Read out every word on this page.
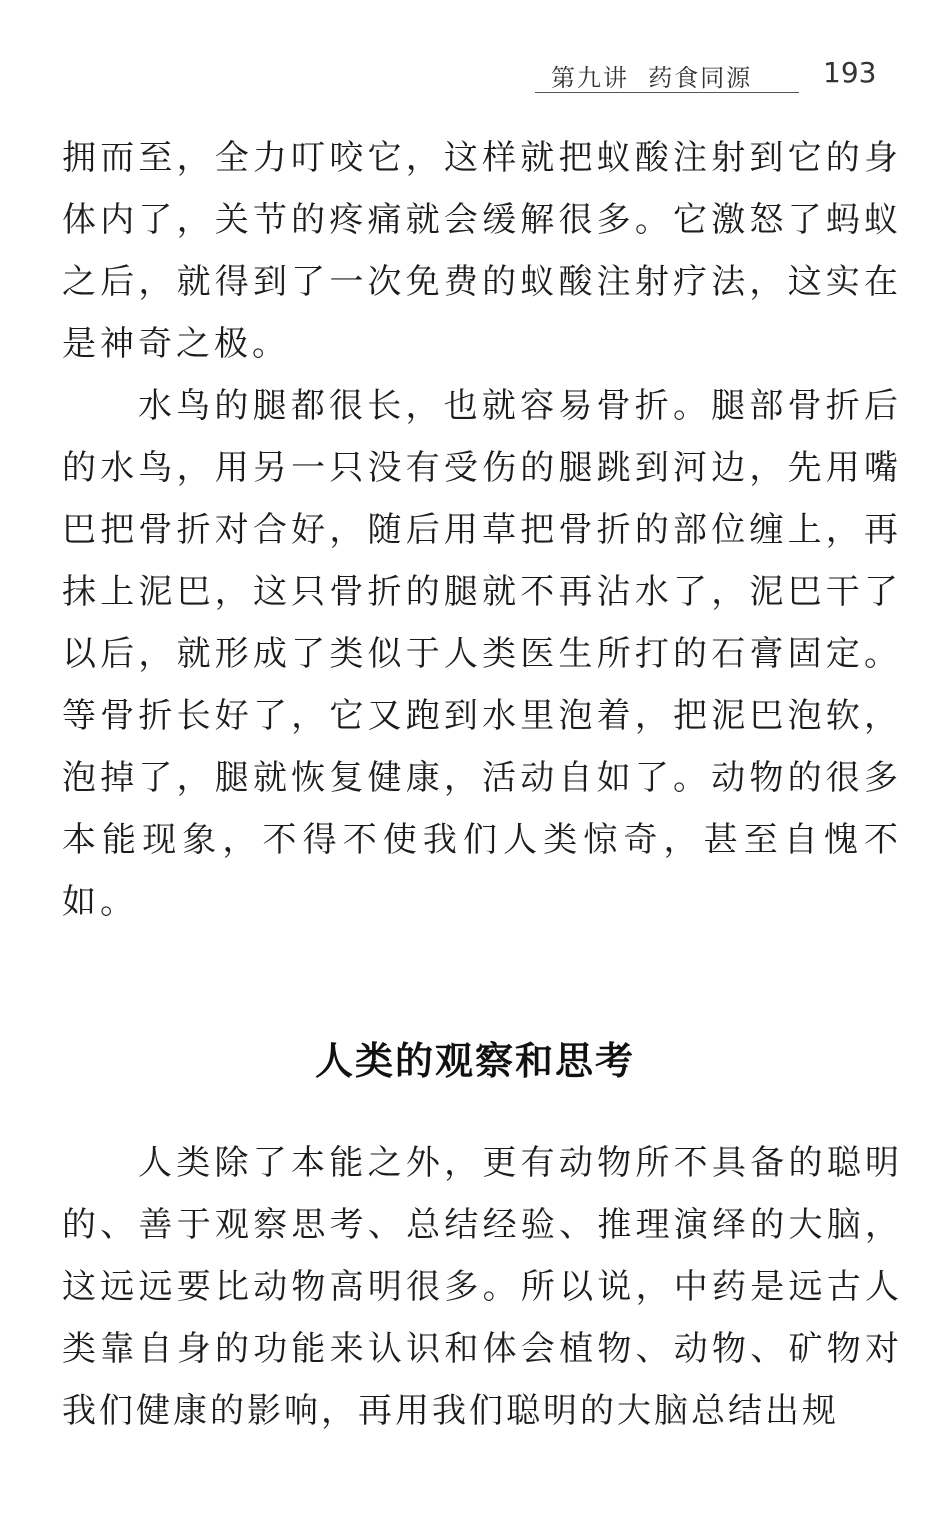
第九讲  药食同源	193

拥而至，全力叮咬它，这样就把蚁酸注射到它的身体内了，关节的疼痛就会缓解很多。它激怒了蚂蚁之后，就得到了一次免费的蚁酸注射疗法，这实在是神奇之极。

水鸟的腿都很长，也就容易骨折。腿部骨折后的水鸟，用另一只没有受伤的腿跳到河边，先用嘴巴把骨折对合好，随后用草把骨折的部位缠上，再抹上泥巴，这只骨折的腿就不再沾水了，泥巴干了以后，就形成了类似于人类医生所打的石膏固定。等骨折长好了，它又跑到水里泡着，把泥巴泡软，泡掉了，腿就恢复健康，活动自如了。动物的很多本能现象，不得不使我们人类惊奇，甚至自愧不如。

人类的观察和思考

人类除了本能之外，更有动物所不具备的聪明的、善于观察思考、总结经验、推理演绎的大脑，这远远要比动物高明很多。所以说，中药是远古人类靠自身的功能来认识和体会植物、动物、矿物对我们健康的影响，再用我们聪明的大脑总结出规
